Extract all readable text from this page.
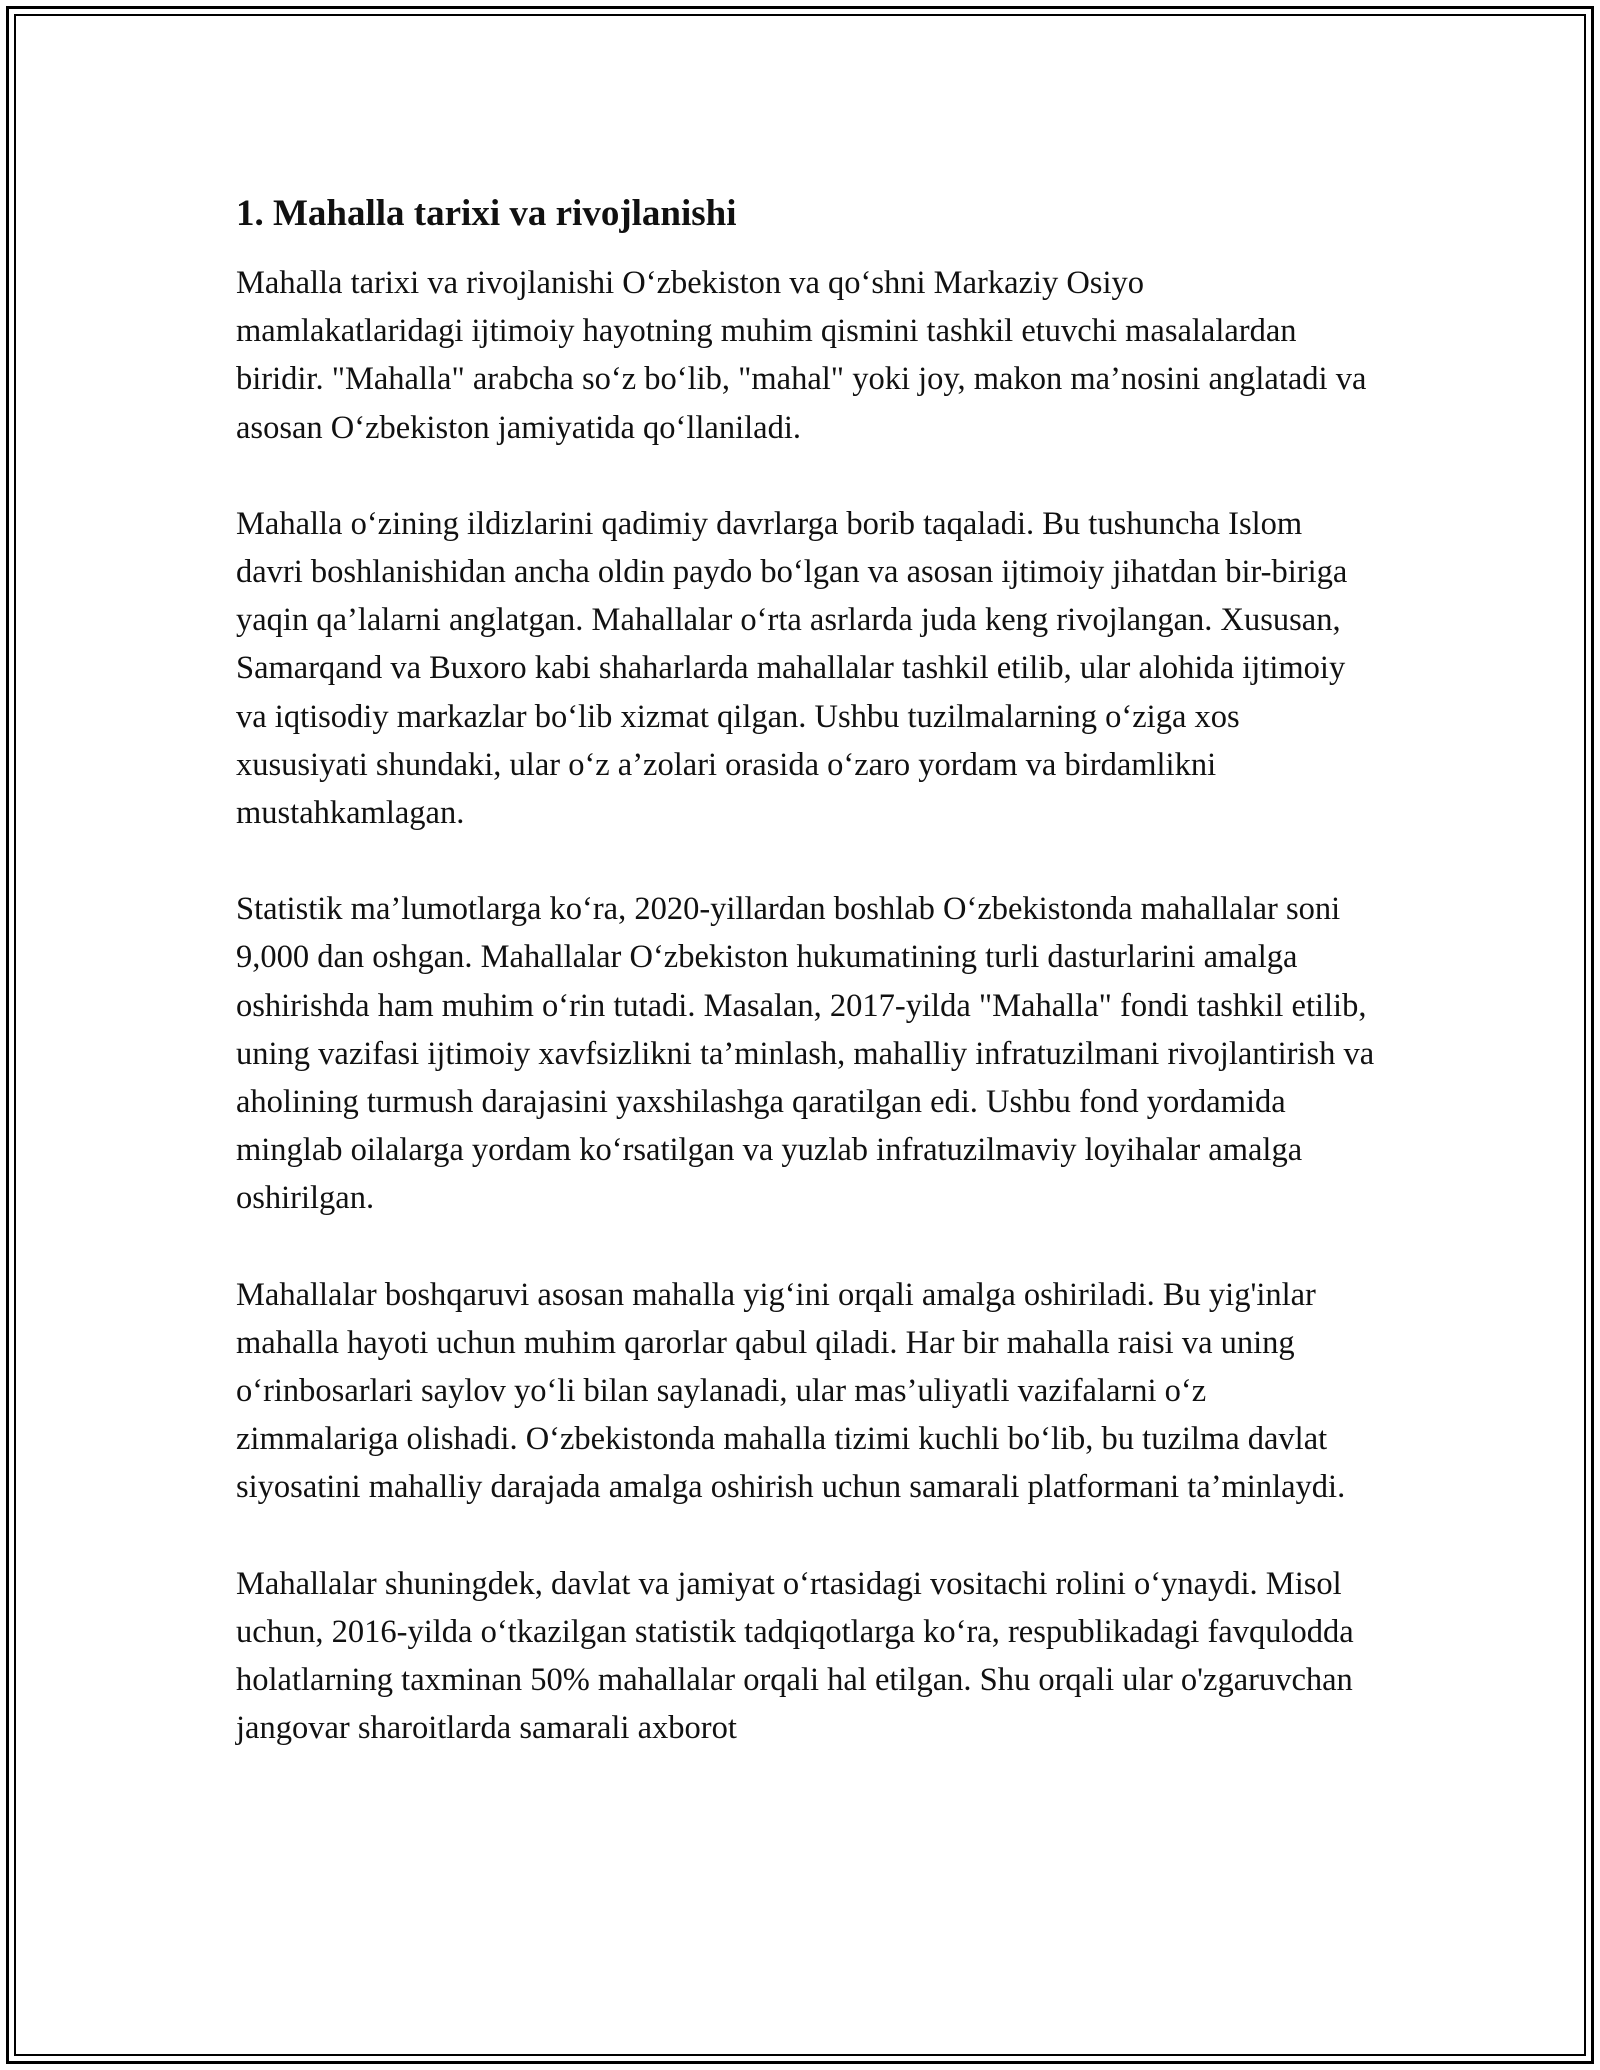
1. Mahalla tarixi va rivojlanishi

Mahalla tarixi va rivojlanishi O‘zbekiston va qo‘shni Markaziy Osiyo mamlakatlaridagi ijtimoiy hayotning muhim qismini tashkil etuvchi masalalardan biridir. "Mahalla" arabcha so‘z bo‘lib, "mahal" yoki joy, makon ma’nosini anglatadi va asosan O‘zbekiston jamiyatida qo‘llaniladi.

Mahalla o‘zining ildizlarini qadimiy davrlarga borib taqaladi. Bu tushuncha Islom davri boshlanishidan ancha oldin paydo bo‘lgan va asosan ijtimoiy jihatdan bir-biriga yaqin qa’lalarni anglatgan. Mahallalar o‘rta asrlarda juda keng rivojlangan. Xususan, Samarqand va Buxoro kabi shaharlarda mahallalar tashkil etilib, ular alohida ijtimoiy va iqtisodiy markazlar bo‘lib xizmat qilgan. Ushbu tuzilmalarning o‘ziga xos xususiyati shundaki, ular o‘z a’zolari orasida o‘zaro yordam va birdamlikni mustahkamlagan.

Statistik ma’lumotlarga ko‘ra, 2020-yillardan boshlab O‘zbekistonda mahallalar soni 9,000 dan oshgan. Mahallalar O‘zbekiston hukumatining turli dasturlarini amalga oshirishda ham muhim o‘rin tutadi. Masalan, 2017-yilda "Mahalla" fondi tashkil etilib, uning vazifasi ijtimoiy xavfsizlikni ta’minlash, mahalliy infratuzilmani rivojlantirish va aholining turmush darajasini yaxshilashga qaratilgan edi. Ushbu fond yordamida minglab oilalarga yordam ko‘rsatilgan va yuzlab infratuzilmaviy loyihalar amalga oshirilgan.

Mahallalar boshqaruvi asosan mahalla yig‘ini orqali amalga oshiriladi. Bu yig'inlar mahalla hayoti uchun muhim qarorlar qabul qiladi. Har bir mahalla raisi va uning o‘rinbosarlari saylov yo‘li bilan saylanadi, ular mas’uliyatli vazifalarni o‘z zimmalariga olishadi. O‘zbekistonda mahalla tizimi kuchli bo‘lib, bu tuzilma davlat siyosatini mahalliy darajada amalga oshirish uchun samarali platformani ta’minlaydi.

Mahallalar shuningdek, davlat va jamiyat o‘rtasidagi vositachi rolini o‘ynaydi. Misol uchun, 2016-yilda o‘tkazilgan statistik tadqiqotlarga ko‘ra, respublikadagi favqulodda holatlarning taxminan 50% mahallalar orqali hal etilgan. Shu orqali ular o'zgaruvchan jangovar sharoitlarda samarali axborot
